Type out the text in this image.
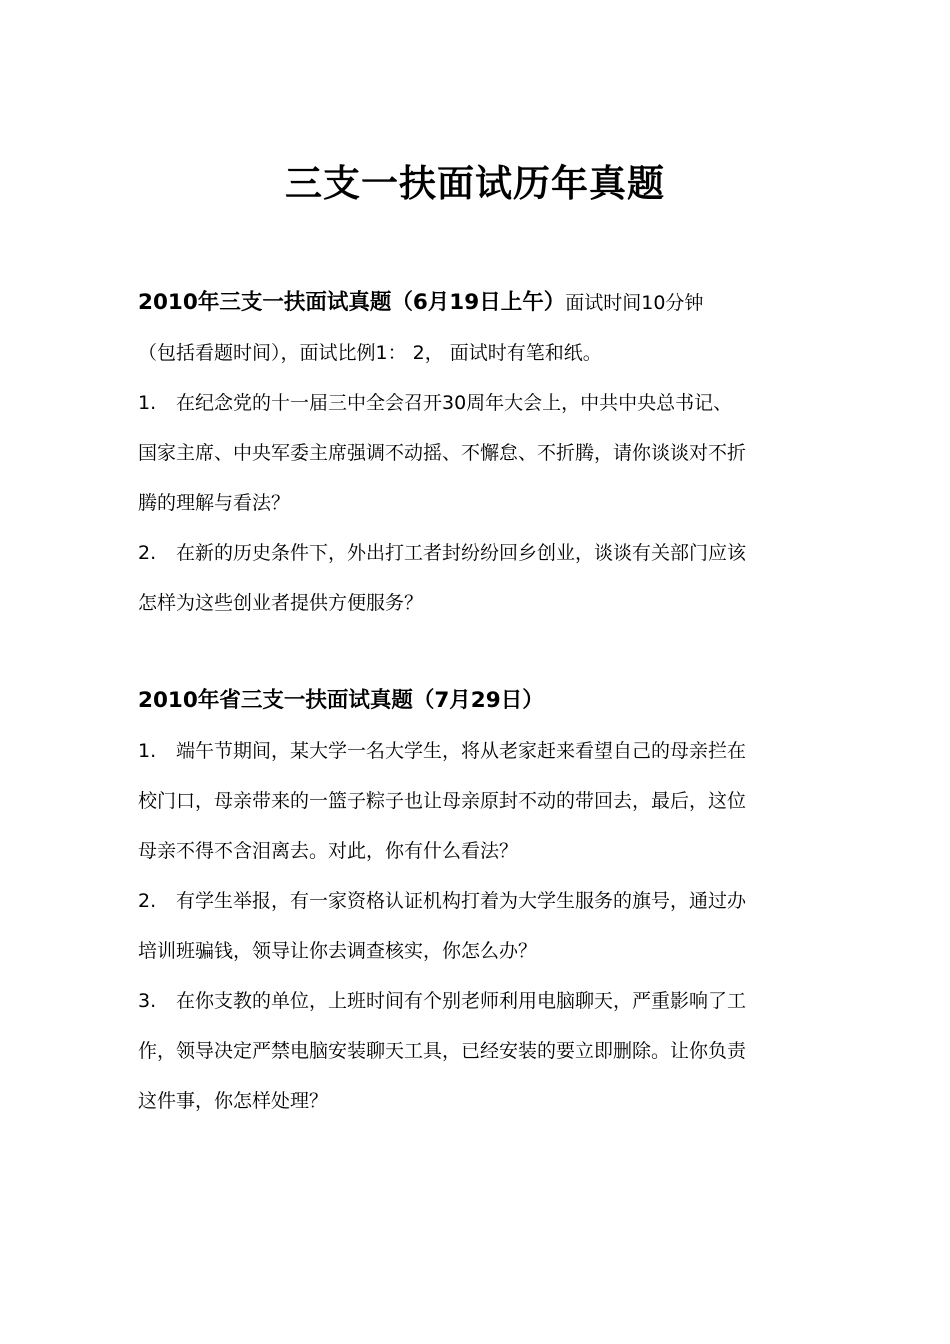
三支一扶面试历年真题

2010年三支一扶面试真题（6月19日上午）面试时间10分钟

（包括看题时间），面试比例1： 2， 面试时有笔和纸。

1. 在纪念党的十一届三中全会召开30周年大会上，中共中央总书记、

国家主席、中央军委主席强调不动摇、不懈怠、不折腾，请你谈谈对不折

腾的理解与看法？

2. 在新的历史条件下，外出打工者封纷纷回乡创业，谈谈有关部门应该

怎样为这些创业者提供方便服务？

2010年省三支一扶面试真题（7月29日）

1. 端午节期间，某大学一名大学生，将从老家赶来看望自己的母亲拦在

校门口，母亲带来的一篮子粽子也让母亲原封不动的带回去，最后，这位

母亲不得不含泪离去。对此，你有什么看法？

2. 有学生举报，有一家资格认证机构打着为大学生服务的旗号，通过办

培训班骗钱，领导让你去调查核实，你怎么办？

3. 在你支教的单位，上班时间有个别老师利用电脑聊天，严重影响了工

作，领导决定严禁电脑安装聊天工具，已经安装的要立即删除。让你负责

这件事，你怎样处理？
